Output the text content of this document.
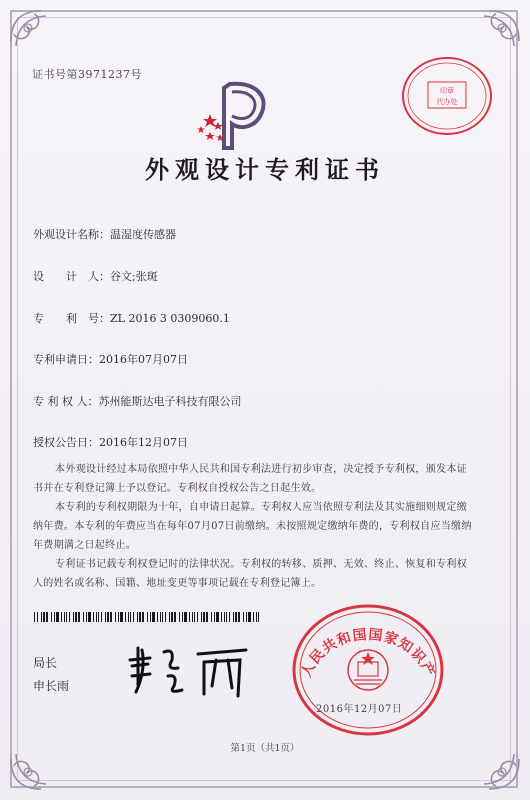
证书号第3971237号
印章
代办处
外观设计专利证书
外观设计名称：温湿度传感器
设　　计　人：谷文;张斑
专　　利　号：ZL 2016 3 0309060.1
专利申请日：2016年07月07日
专 利 权 人：苏州能斯达电子科技有限公司
授权公告日：2016年12月07日

本外观设计经过本局依照中华人民共和国专利法进行初步审查，决定授予专利权，颁发本证书并在专利登记簿上予以登记。专利权自授权公告之日起生效。

本专利的专利权期限为十年，自申请日起算。专利权人应当依照专利法及其实施细则规定缴纳年费。本专利的年费应当在每年07月07日前缴纳。未按照规定缴纳年费的，专利权自应当缴纳年费期满之日起终止。

专利证书记载专利权登记时的法律状况。专利权的转移、质押、无效、终止、恢复和专利权人的姓名或名称、国籍、地址变更等事项记载在专利登记簿上。

局长
申长雨
人民共和国国家知识产
2016年12月07日
第1页（共1页）
